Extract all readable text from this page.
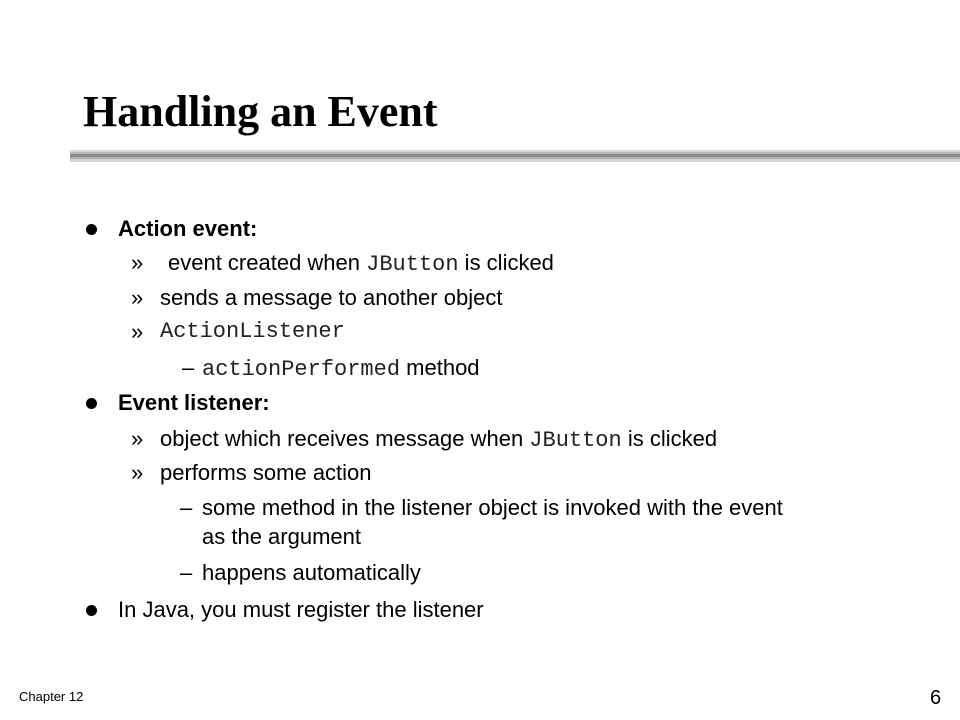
Handling an Event
Action event:
» event created when JButton is clicked
» sends a message to another object
» ActionListener
– actionPerformed method
Event listener:
» object which receives message when JButton is clicked
» performs some action
– some method in the listener object is invoked with the event
as the argument
– happens automatically
In Java, you must register the listener
Chapter 12	6
